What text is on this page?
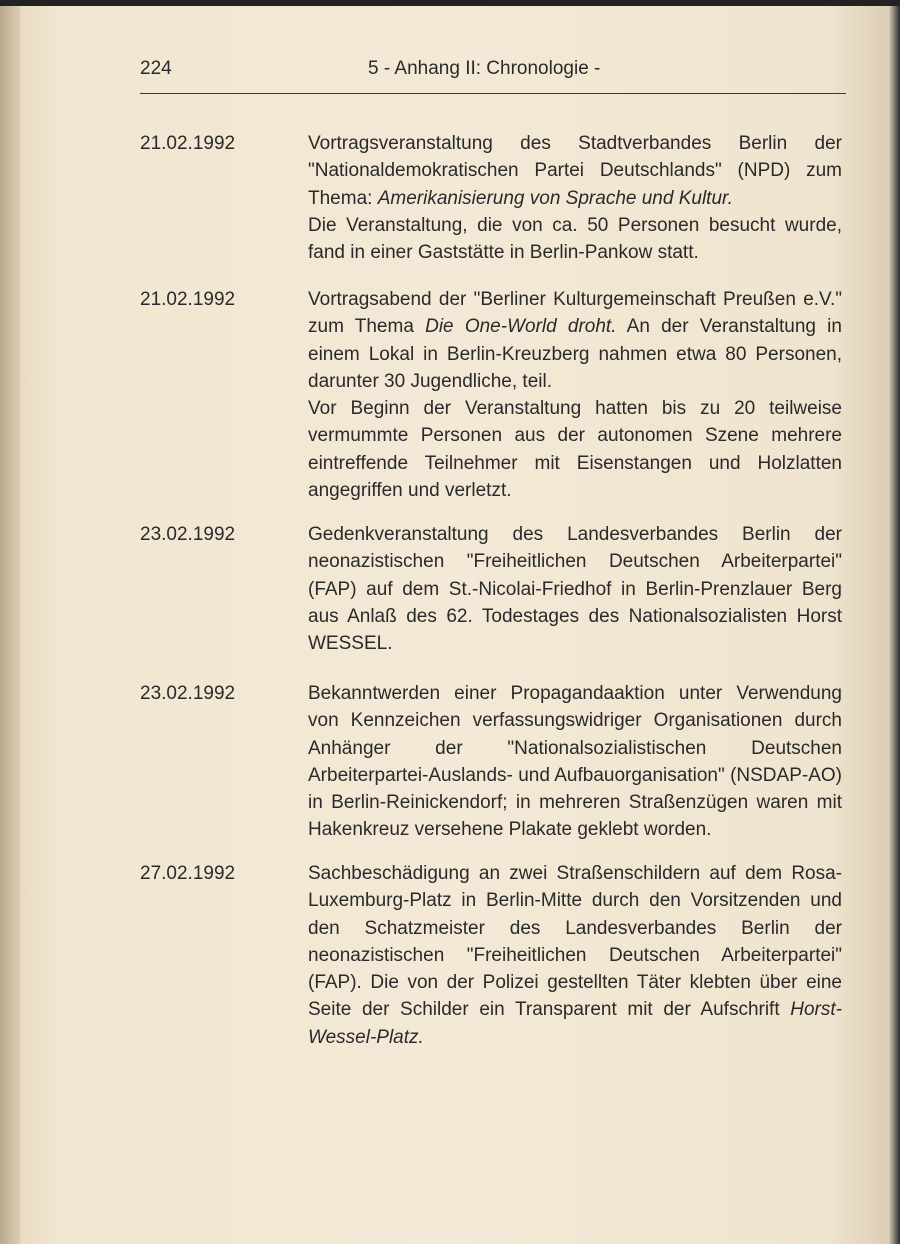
224	5 - Anhang II: Chronologie -
21.02.1992	Vortragsveranstaltung des Stadtverbandes Berlin der "Nationaldemokratischen Partei Deutschlands" (NPD) zum Thema: Amerikanisierung von Sprache und Kultur.

Die Veranstaltung, die von ca. 50 Personen besucht wurde, fand in einer Gaststätte in Berlin-Pankow statt.

21.02.1992	Vortragsabend der "Berliner Kulturgemeinschaft Preußen e.V." zum Thema Die One-World droht. An der Veranstaltung in einem Lokal in Berlin-Kreuzberg nahmen etwa 80 Personen, darunter 30 Jugendliche, teil.

Vor Beginn der Veranstaltung hatten bis zu 20 teilweise vermummte Personen aus der autonomen Szene mehrere eintreffende Teilnehmer mit Eisenstangen und Holzlatten angegriffen und verletzt.

23.02.1992	Gedenkveranstaltung des Landesverbandes Berlin der neonazistischen "Freiheitlichen Deutschen Arbeiterpartei" (FAP) auf dem St.-Nicolai-Friedhof in Berlin-Prenzlauer Berg aus Anlaß des 62. Todestages des Nationalsozialisten Horst WESSEL.

23.02.1992	Bekanntwerden einer Propagandaaktion unter Verwendung von Kennzeichen verfassungswidriger Organisationen durch Anhänger der "Nationalsozialistischen Deutschen Arbeiterpartei-Auslands- und Aufbauorganisation" (NSDAP-AO) in Berlin-Reinickendorf; in mehreren Straßenzügen waren mit Hakenkreuz versehene Plakate geklebt worden.

27.02.1992	Sachbeschädigung an zwei Straßenschildern auf dem Rosa-Luxemburg-Platz in Berlin-Mitte durch den Vorsitzenden und den Schatzmeister des Landesverbandes Berlin der neonazistischen "Freiheitlichen Deutschen Arbeiterpartei" (FAP). Die von der Polizei gestellten Täter klebten über eine Seite der Schilder ein Transparent mit der Aufschrift Horst-Wessel-Platz.
